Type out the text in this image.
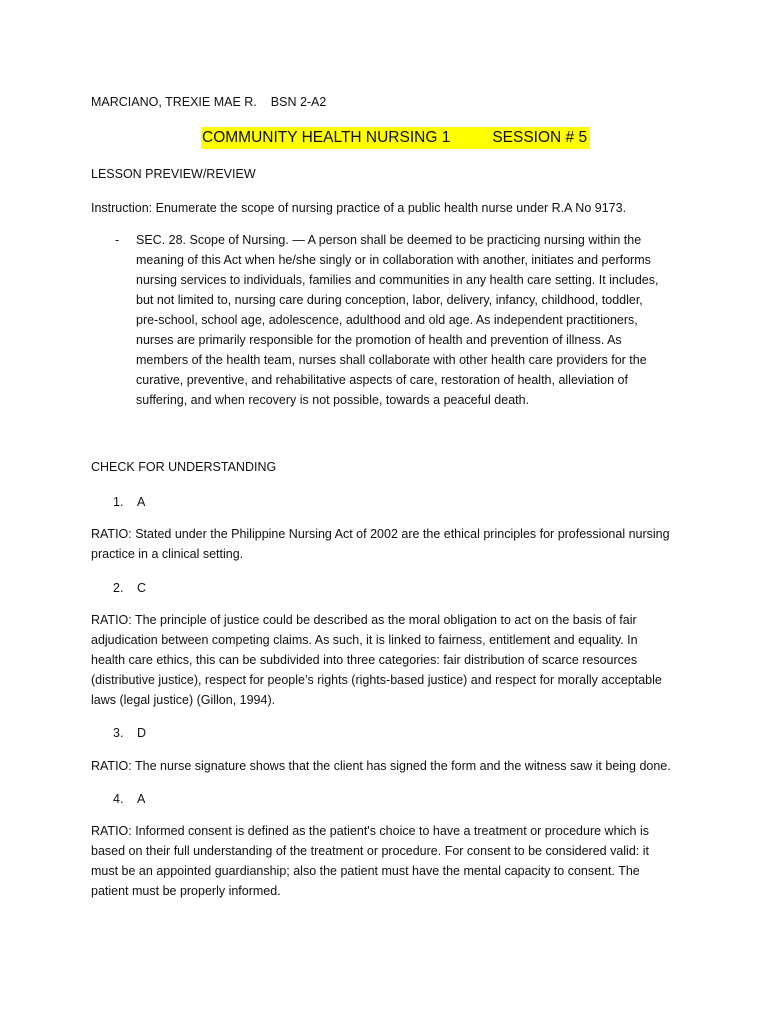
MARCIANO, TREXIE MAE R. BSN 2-A2
COMMUNITY HEALTH NURSING 1	SESSION # 5
LESSON PREVIEW/REVIEW
Instruction: Enumerate the scope of nursing practice of a public health nurse under R.A No 9173.
- SEC. 28. Scope of Nursing. — A person shall be deemed to be practicing nursing within the
meaning of this Act when he/she singly or in collaboration with another, initiates and performs
nursing services to individuals, families and communities in any health care setting. It includes,
but not limited to, nursing care during conception, labor, delivery, infancy, childhood, toddler,
pre-school, school age, adolescence, adulthood and old age. As independent practitioners,
nurses are primarily responsible for the promotion of health and prevention of illness. As
members of the health team, nurses shall collaborate with other health care providers for the
curative, preventive, and rehabilitative aspects of care, restoration of health, alleviation of
suffering, and when recovery is not possible, towards a peaceful death.
CHECK FOR UNDERSTANDING
1. A
RATIO: Stated under the Philippine Nursing Act of 2002 are the ethical principles for professional nursing
practice in a clinical setting.
2. C
RATIO: The principle of justice could be described as the moral obligation to act on the basis of fair
adjudication between competing claims. As such, it is linked to fairness, entitlement and equality. In
health care ethics, this can be subdivided into three categories: fair distribution of scarce resources
(distributive justice), respect for people’s rights (rights-based justice) and respect for morally acceptable
laws (legal justice) (Gillon, 1994).
3. D
RATIO: The nurse signature shows that the client has signed the form and the witness saw it being done.
4. A
RATIO: Informed consent is defined as the patient's choice to have a treatment or procedure which is
based on their full understanding of the treatment or procedure. For consent to be considered valid: it
must be an appointed guardianship; also the patient must have the mental capacity to consent. The
patient must be properly informed.
